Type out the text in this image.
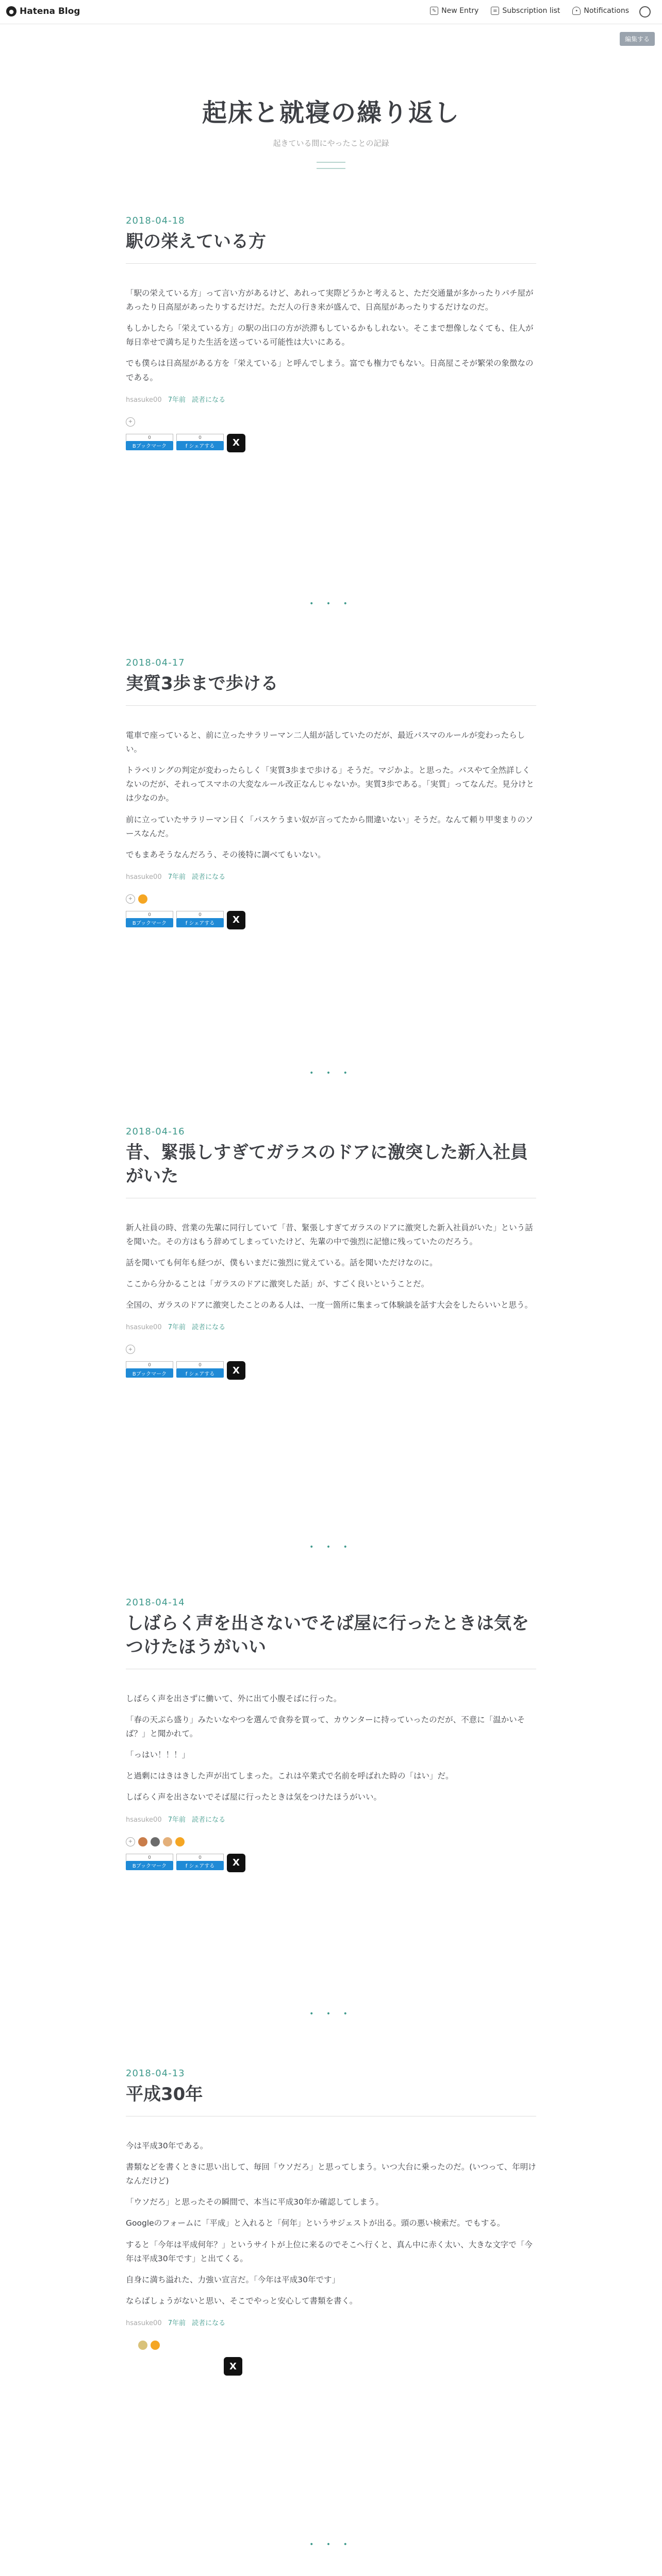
● Hatena Blog	✎ New Entry	≡ Subscription list	• Notifications
編集する
起床と就寝の繰り返し
起きている間にやったことの記録
2018-04-18
駅の栄えている方

「駅の栄えている方」って言い方があるけど、あれって実際どうかと考えると、ただ交通量が多かったりパチ屋があったり日高屋があったりするだけだ。ただ人の行き来が盛んで、日高屋があったりするだけなのだ。

もしかしたら「栄えている方」の駅の出口の方が渋滞もしているかもしれない。そこまで想像しなくても、住人が毎日幸せで満ち足りた生活を送っている可能性は大いにある。

でも僕らは日高屋がある方を「栄えている」と呼んでしまう。富でも権力でもない。日高屋こそが繁栄の象徴なのである。

hsasuke00 7年前 読者になる
+
0
Bブックマーク
0
f シェアする	X
• • •
2018-04-17
実質3歩まで歩ける

電車で座っていると、前に立ったサラリーマン二人組が話していたのだが、最近パスマのルールが変わったらしい。

トラベリングの判定が変わったらしく「実質3歩まで歩ける」そうだ。マジかよ。と思った。パスやて全然詳しくないのだが、それってスマホの大変なルール改正なんじゃないか。実質3歩である。「実質」ってなんだ。見分けとは少なのか。

前に立っていたサラリーマン日く「パスケうまい奴が言ってたから間違いない」そうだ。なんて頼り甲斐まりのソースなんだ。

でもまあそうなんだろう、その後特に調べてもいない。

hsasuke00 7年前 読者になる
+
0
Bブックマーク
0
f シェアする	X
• • •
2018-04-16
昔、緊張しすぎてガラスのドアに激突した新入社員がいた

新人社員の時、営業の先輩に同行していて「昔、緊張しすぎてガラスのドアに激突した新入社員がいた」という話を聞いた。その方はもう辞めてしまっていたけど、先輩の中で強烈に記憶に残っていたのだろう。

話を聞いても何年も経つが、僕もいまだに強烈に覚えている。話を聞いただけなのに。

ここから分かることは「ガラスのドアに激突した話」が、すごく良いということだ。

全国の、ガラスのドアに激突したことのある人は、一度一箇所に集まって体験談を話す大会をしたらいいと思う。

hsasuke00 7年前 読者になる
+
0
Bブックマーク
0
f シェアする	X
• • •
2018-04-14
しばらく声を出さないでそば屋に行ったときは気をつけたほうがいい

しばらく声を出さずに働いて、外に出て小腹そばに行った。

「春の天ぷら盛り」みたいなやつを選んで食券を買って、カウンターに持っていったのだが、不意に「温かいそば？」と聞かれて。

「っはい！！！」

と過剰にはきはきした声が出てしまった。これは卒業式で名前を呼ばれた時の「はい」だ。

しばらく声を出さないでそば屋に行ったときは気をつけたほうがいい。

hsasuke00 7年前 読者になる
+
0
Bブックマーク
0
f シェアする	X
• • •
2018-04-13
平成30年

今は平成30年である。

書類などを書くときに思い出して、毎回「ウソだろ」と思ってしまう。いつ大台に乗ったのだ。(いつって、年明けなんだけど)

「ウソだろ」と思ったその瞬間で、本当に平成30年か確認してしまう。

Googleのフォームに「平成」と入れると「何年」というサジェストが出る。頭の悪い検索だ。でもする。

すると「今年は平成何年？」というサイトが上位に来るのでそこへ行くと、真ん中に赤く太い、大きな文字で「今年は平成30年です」と出てくる。

自身に満ち溢れた、力強い宣言だ。「今年は平成30年です」

ならばしょうがないと思い、そこでやっと安心して書類を書く。

hsasuke00 7年前 読者になる
X
• • •
